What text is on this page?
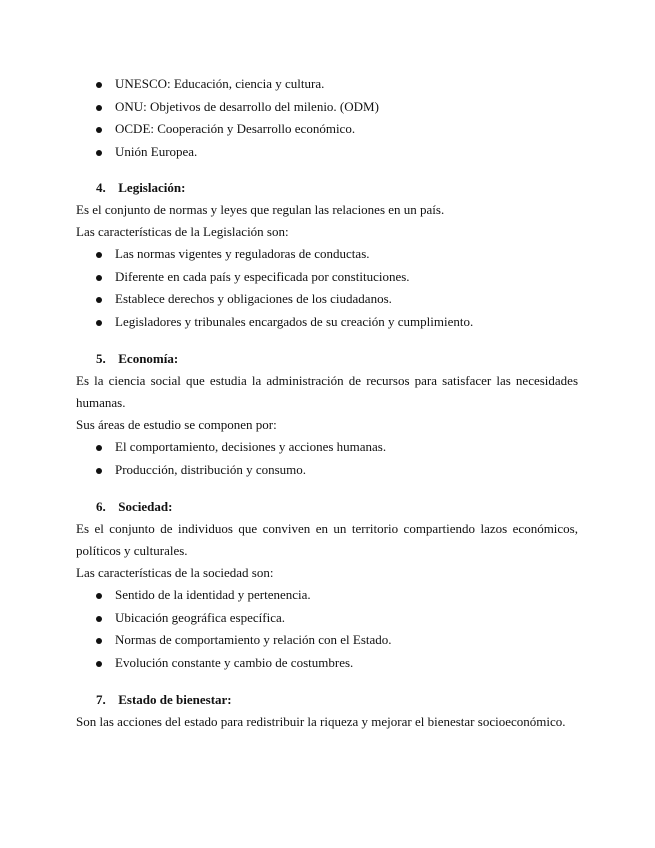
UNESCO: Educación, ciencia y cultura.
ONU: Objetivos de desarrollo del milenio. (ODM)
OCDE: Cooperación y Desarrollo económico.
Unión Europea.
4. Legislación:

Es el conjunto de normas y leyes que regulan las relaciones en un país.

Las características de la Legislación son:

Las normas vigentes y reguladoras de conductas.
Diferente en cada país y especificada por constituciones.
Establece derechos y obligaciones de los ciudadanos.
Legisladores y tribunales encargados de su creación y cumplimiento.
5. Economía:

Es la ciencia social que estudia la administración de recursos para satisfacer las necesidades humanas.

Sus áreas de estudio se componen por:

El comportamiento, decisiones y acciones humanas.
Producción, distribución y consumo.
6. Sociedad:

Es el conjunto de individuos que conviven en un territorio compartiendo lazos económicos, políticos y culturales.

Las características de la sociedad son:

Sentido de la identidad y pertenencia.
Ubicación geográfica específica.
Normas de comportamiento y relación con el Estado.
Evolución constante y cambio de costumbres.
7. Estado de bienestar:

Son las acciones del estado para redistribuir la riqueza y mejorar el bienestar socioeconómico.
